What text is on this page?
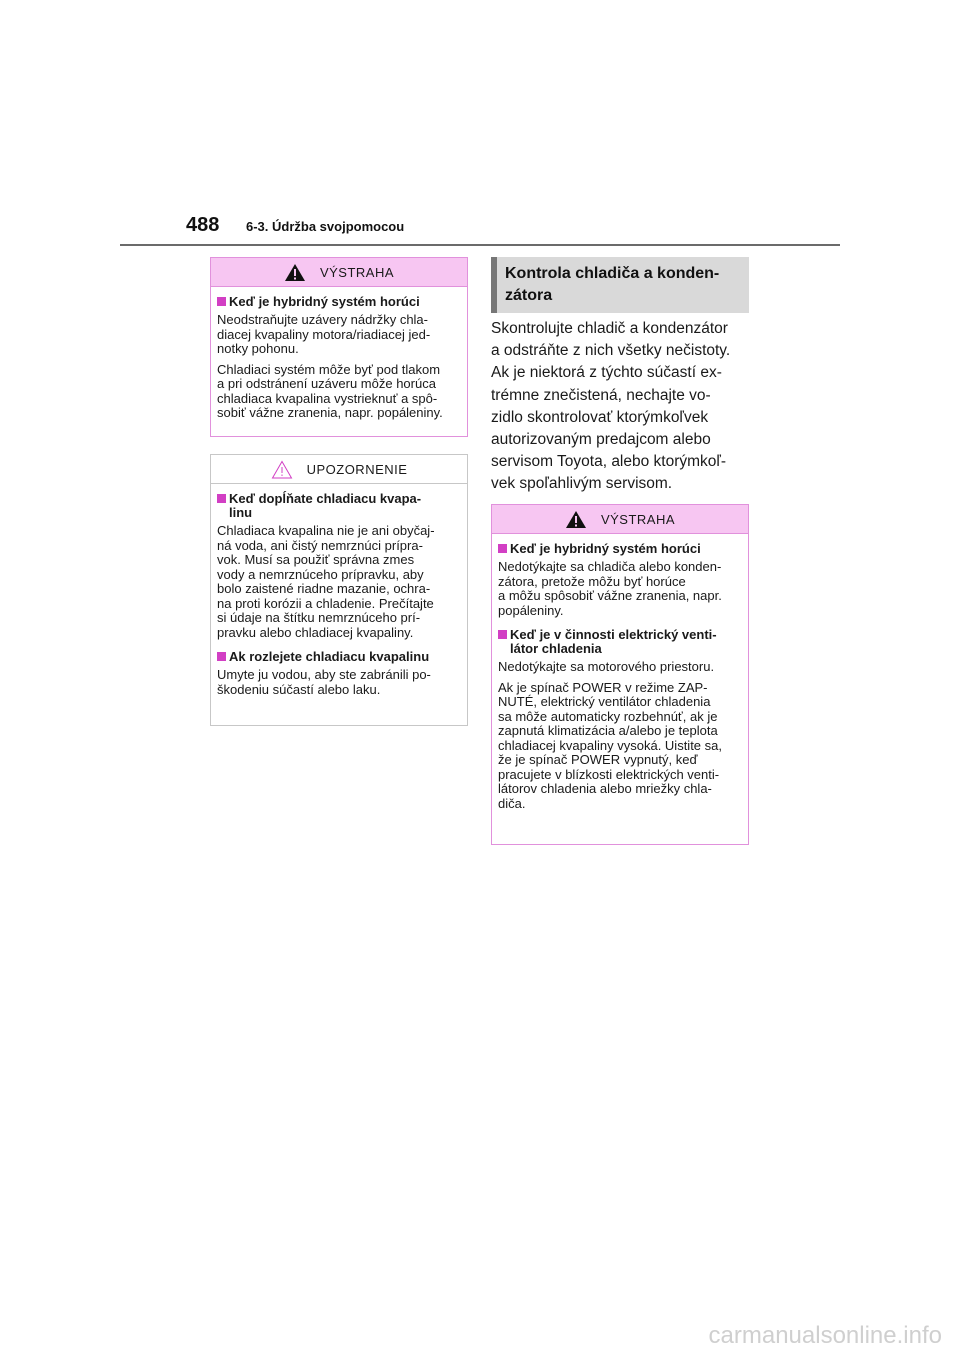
488 6-3. Údržba svojpomocou
VÝSTRAHA
Keď je hybridný systém horúci

Neodstraňujte uzávery nádržky chla-
diacej kvapaliny motora/riadiacej jed-
notky pohonu.

Chladiaci systém môže byť pod tlakom
a pri odstránení uzáveru môže horúca
chladiaca kvapalina vystrieknuť a spô-
sobiť vážne zranenia, napr. popáleniny.

UPOZORNENIE
Keď dopĺňate chladiacu kvapa-
linu

Chladiaca kvapalina nie je ani obyčaj-
ná voda, ani čistý nemrznúci prípra-
vok. Musí sa použiť správna zmes
vody a nemrznúceho prípravku, aby
bolo zaistené riadne mazanie, ochra-
na proti korózii a chladenie. Prečítajte
si údaje na štítku nemrznúceho prí-
pravku alebo chladiacej kvapaliny.

Ak rozlejete chladiacu kvapalinu

Umyte ju vodou, aby ste zabránili po-
škodeniu súčastí alebo laku.

Kontrola chladiča a konden-
zátora
Skontrolujte chladič a kondenzátor
a odstráňte z nich všetky nečistoty.
Ak je niektorá z týchto súčastí ex-
trémne znečistená, nechajte vo-
zidlo skontrolovať ktorýmkoľvek
autorizovaným predajcom alebo
servisom Toyota, alebo ktorýmkoľ-
vek spoľahlivým servisom.
VÝSTRAHA
Keď je hybridný systém horúci

Nedotýkajte sa chladiča alebo konden-
zátora, pretože môžu byť horúce
a môžu spôsobiť vážne zranenia, napr.
popáleniny.

Keď je v činnosti elektrický venti-
látor chladenia

Nedotýkajte sa motorového priestoru.

Ak je spínač POWER v režime ZAP-
NUTÉ, elektrický ventilátor chladenia
sa môže automaticky rozbehnúť, ak je
zapnutá klimatizácia a/alebo je teplota
chladiacej kvapaliny vysoká. Uistite sa,
že je spínač POWER vypnutý, keď
pracujete v blízkosti elektrických venti-
látorov chladenia alebo mriežky chla-
diča.

carmanualsonline.info
